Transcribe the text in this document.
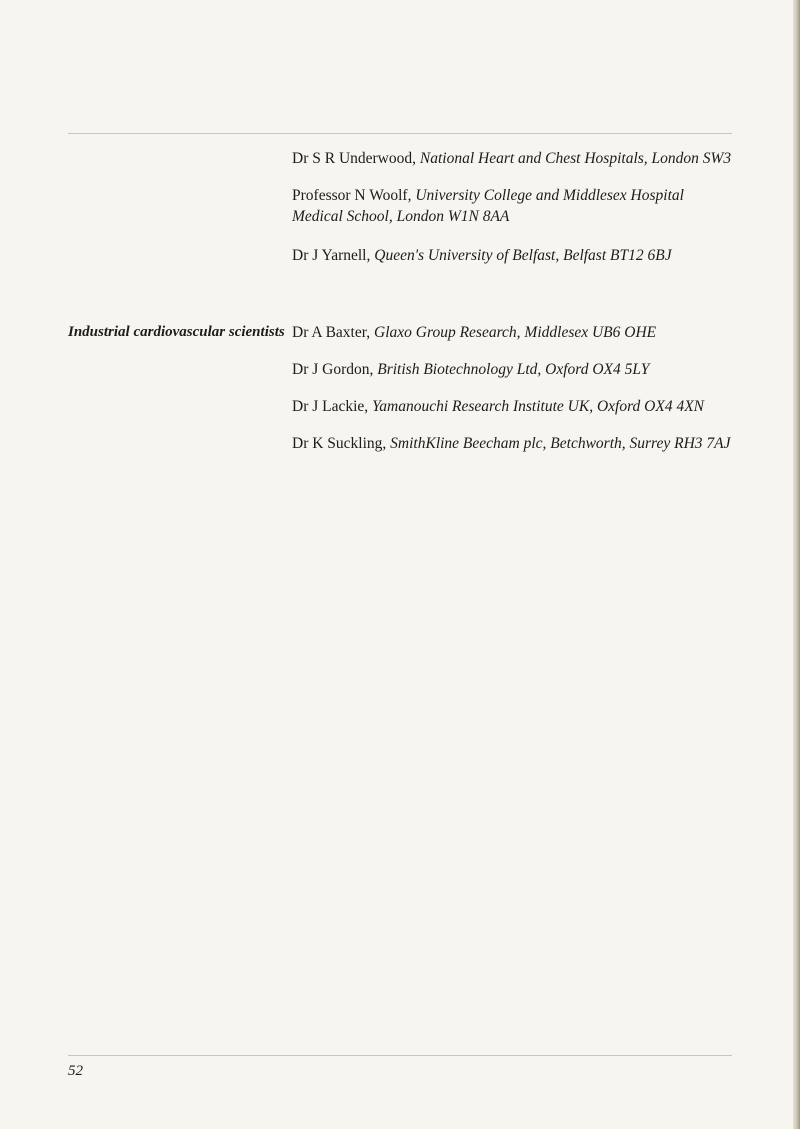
Dr S R Underwood, National Heart and Chest Hospitals, London SW3
Professor N Woolf, University College and Middlesex Hospital Medical School, London W1N 8AA
Dr J Yarnell, Queen's University of Belfast, Belfast BT12 6BJ
Industrial cardiovascular scientists Dr A Baxter, Glaxo Group Research, Middlesex UB6 OHE
Dr J Gordon, British Biotechnology Ltd, Oxford OX4 5LY
Dr J Lackie, Yamanouchi Research Institute UK, Oxford OX4 4XN
Dr K Suckling, SmithKline Beecham plc, Betchworth, Surrey RH3 7AJ
52
